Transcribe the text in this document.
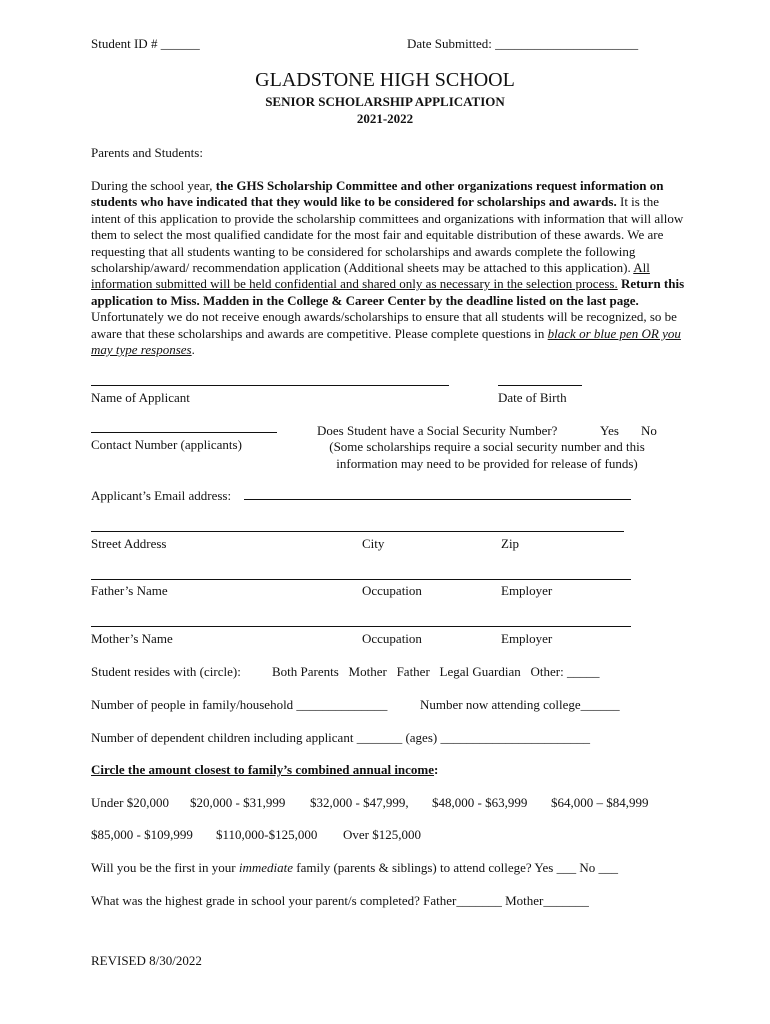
Student ID # ______	Date Submitted: ______________________
GLADSTONE HIGH SCHOOL
SENIOR SCHOLARSHIP APPLICATION
2021-2022
Parents and Students:

During the school year, the GHS Scholarship Committee and other organizations request information on students who have indicated that they would like to be considered for scholarships and awards. It is the intent of this application to provide the scholarship committees and organizations with information that will allow them to select the most qualified candidate for the most fair and equitable distribution of these awards. We are requesting that all students wanting to be considered for scholarships and awards complete the following scholarship/award/ recommendation application (Additional sheets may be attached to this application). All information submitted will be held confidential and shared only as necessary in the selection process. Return this application to Miss. Madden in the College & Career Center by the deadline listed on the last page. Unfortunately we do not receive enough awards/scholarships to ensure that all students will be recognized, so be aware that these scholarships and awards are competitive. Please complete questions in black or blue pen OR you may type responses.

Name of Applicant	Date of Birth
Contact Number (applicants)
Does Student have a Social Security Number?	Yes No
(Some scholarships require a social security number and this
information may need to be provided for release of funds)
Applicant’s Email address:
Street Address	City	Zip
Father’s Name	Occupation	Employer
Mother’s Name	Occupation	Employer
Student resides with (circle): Both Parents   Mother   Father   Legal Guardian   Other: _____
Number of people in family/household ______________	Number now attending college______
Number of dependent children including applicant _______ (ages) _______________________
Circle the amount closest to family’s combined annual income:
Under $20,000 $20,000 - $31,999 $32,000 - $47,999, $48,000 - $63,999 $64,000 – $84,999
$85,000 - $109,999 $110,000-$125,000 Over $125,000
Will you be the first in your immediate family (parents & siblings) to attend college? Yes ___ No ___
What was the highest grade in school your parent/s completed? Father_______ Mother_______
REVISED 8/30/2022
